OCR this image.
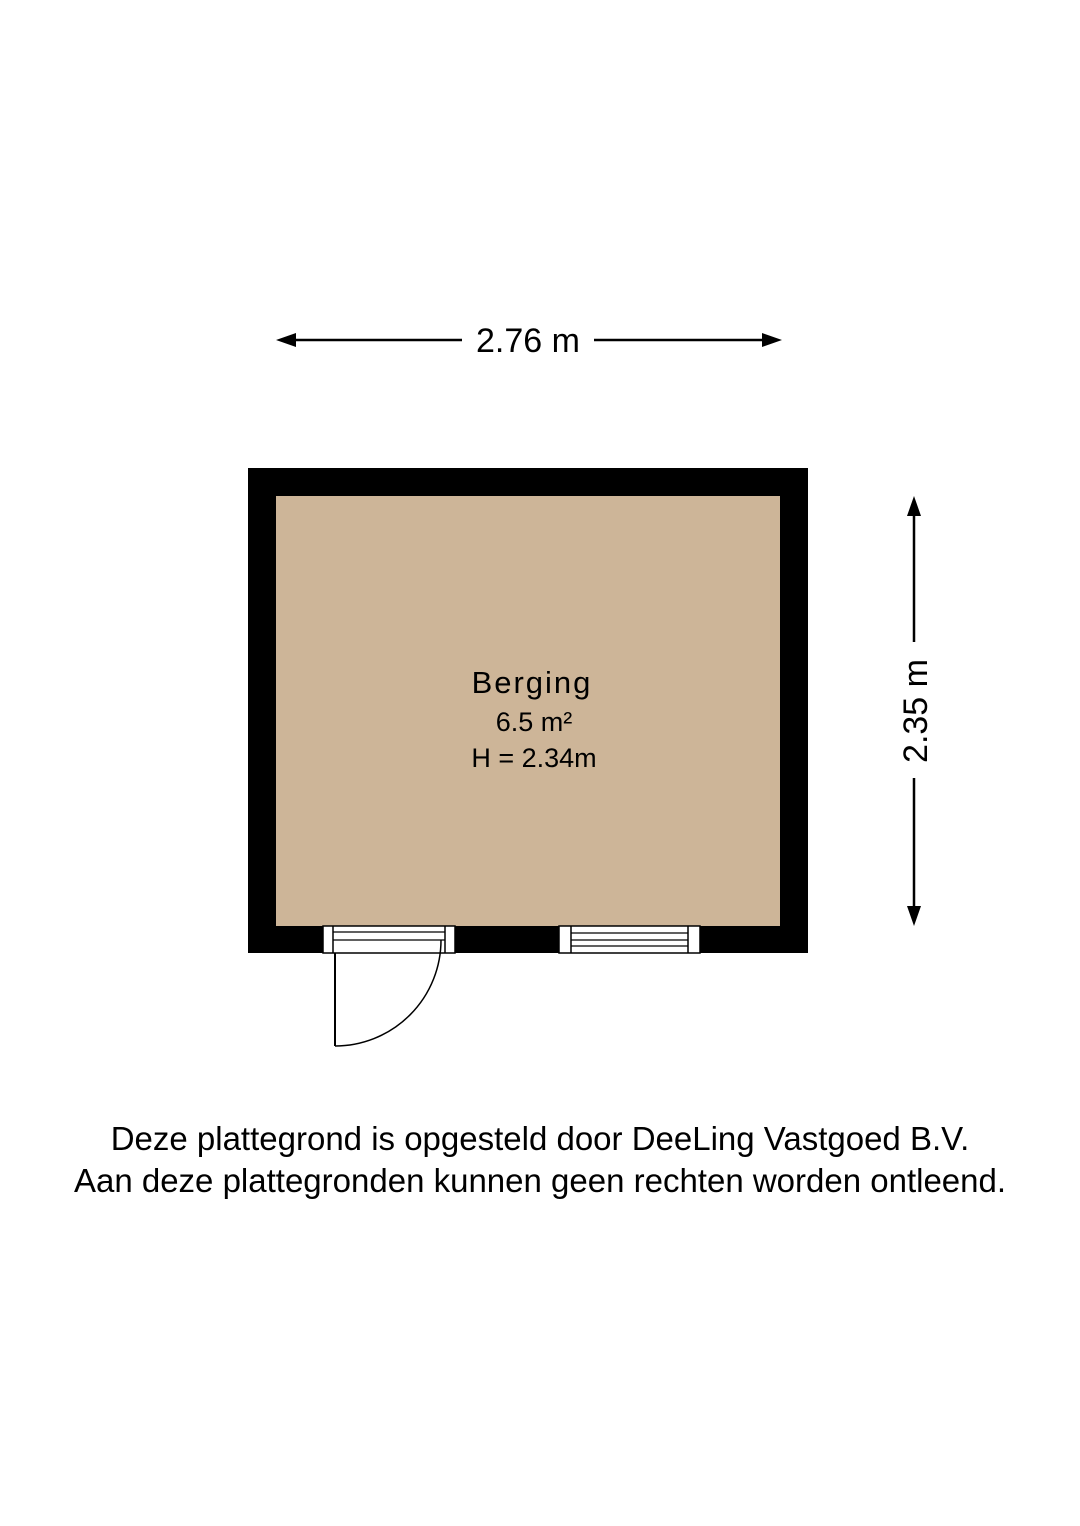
2.76 m
2.35 m
Berging
6.5 m²
H = 2.34m
Deze plattegrond is opgesteld door DeeLing Vastgoed B.V.
Aan deze plattegronden kunnen geen rechten worden ontleend.
